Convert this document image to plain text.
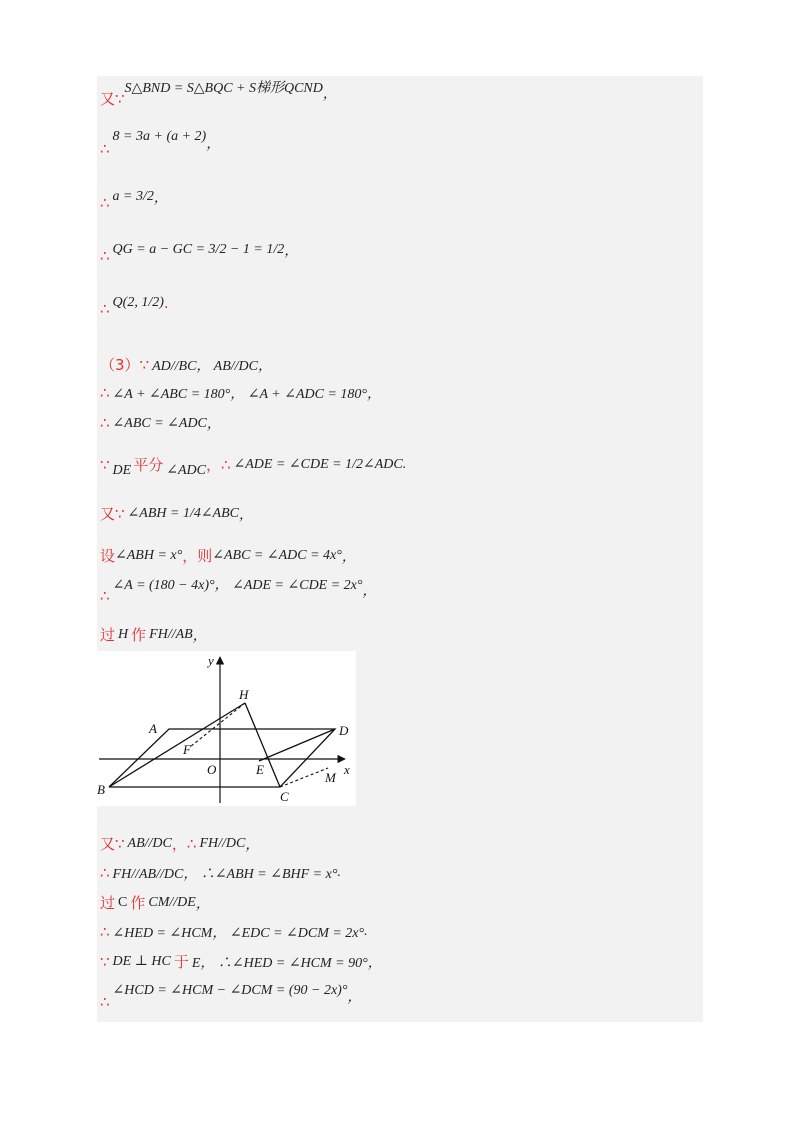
又∵
S△BND = S△BQC + S梯形QCND ，
∴
8 = 3a + (a + 2)
，
∴ a = 3/2 ，
∴ QG = a − GC = 3/2 − 1 = 1/2 ，
∴ Q(2, 1/2) .
（3）∵ AD//BC， AB//DC ，
∴ ∠A + ∠ABC = 180°， ∠A + ∠ADC = 180° ，
∴ ∠ABC = ∠ADC ，
∵ DE 平分 ∠ADC ，∴ ∠ADE = ∠CDE = 1/2∠ADC .
又∵ ∠ABH = 1/4∠ABC ，
设 ∠ABH = x° ，则 ∠ABC = ∠ADC = 4x° ，
∴
∠A = (180 − 4x)°， ∠ADE = ∠CDE = 2x° ，
过 H 作 FH//AB ，
y
x
H
A	D
F
O	E
B	C
M
又∵ AB//DC ，∴ FH//DC ，
∴ FH//AB//DC， ∴∠ABH = ∠BHF = x° .
过 C 作 CM//DE ，
∴ ∠HED = ∠HCM， ∠EDC = ∠DCM = 2x° .
∵ DE ⊥ HC 于 E， ∴∠HED = ∠HCM = 90° ，
∴
∠HCD = ∠HCM − ∠DCM = (90 − 2x)° ，
